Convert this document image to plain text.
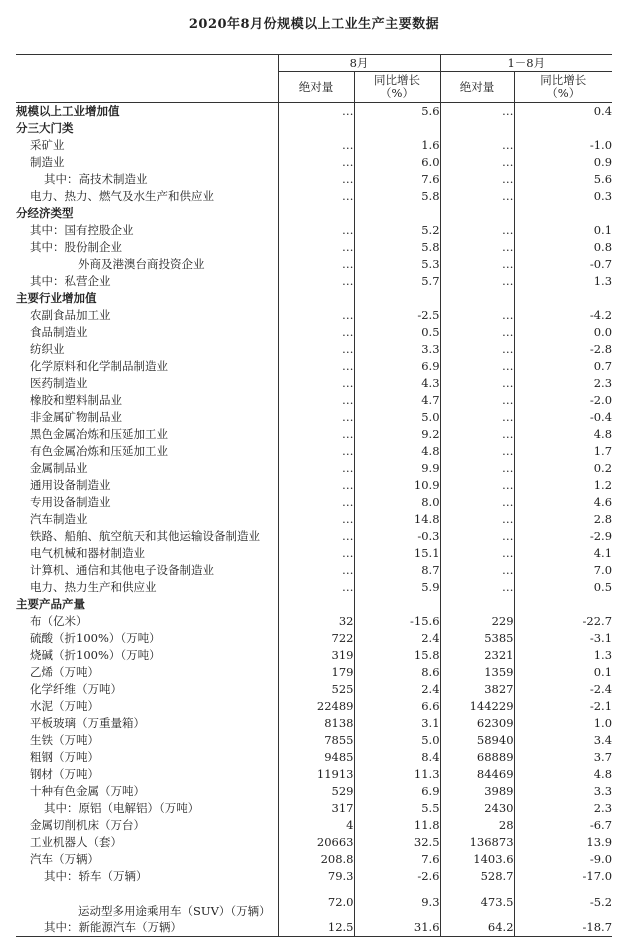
2020年8月份规模以上工业生产主要数据
	8月		1－8月	
	绝对量	同比增长（%）	绝对量	同比增长（%）
规模以上工业增加值	…	5.6	…	0.4
分三大门类				
采矿业	…	1.6	…	-1.0
制造业	…	6.0	…	0.9
其中：高技术制造业	…	7.6	…	5.6
电力、热力、燃气及水生产和供应业	…	5.8	…	0.3
分经济类型				
其中：国有控股企业	…	5.2	…	0.1
其中：股份制企业	…	5.8	…	0.8
外商及港澳台商投资企业	…	5.3	…	-0.7
其中：私营企业	…	5.7	…	1.3
主要行业增加值				
农副食品加工业	…	-2.5	…	-4.2
食品制造业	…	0.5	…	0.0
纺织业	…	3.3	…	-2.8
化学原料和化学制品制造业	…	6.9	…	0.7
医药制造业	…	4.3	…	2.3
橡胶和塑料制品业	…	4.7	…	-2.0
非金属矿物制品业	…	5.0	…	-0.4
黑色金属冶炼和压延加工业	…	9.2	…	4.8
有色金属冶炼和压延加工业	…	4.8	…	1.7
金属制品业	…	9.9	…	0.2
通用设备制造业	…	10.9	…	1.2
专用设备制造业	…	8.0	…	4.6
汽车制造业	…	14.8	…	2.8
铁路、船舶、航空航天和其他运输设备制造业	…	-0.3	…	-2.9
电气机械和器材制造业	…	15.1	…	4.1
计算机、通信和其他电子设备制造业	…	8.7	…	7.0
电力、热力生产和供应业	…	5.9	…	0.5
主要产品产量				
布（亿米）	32	-15.6	229	-22.7
硫酸（折100%）（万吨）	722	2.4	5385	-3.1
烧碱（折100%）（万吨）	319	15.8	2321	1.3
乙烯（万吨）	179	8.6	1359	0.1
化学纤维（万吨）	525	2.4	3827	-2.4
水泥（万吨）	22489	6.6	144229	-2.1
平板玻璃（万重量箱）	8138	3.1	62309	1.0
生铁（万吨）	7855	5.0	58940	3.4
粗钢（万吨）	9485	8.4	68889	3.7
钢材（万吨）	11913	11.3	84469	4.8
十种有色金属（万吨）	529	6.9	3989	3.3
其中：原铝（电解铝）（万吨）	317	5.5	2430	2.3
金属切削机床（万台）	4	11.8	28	-6.7
工业机器人（套）	20663	32.5	136873	13.9
汽车（万辆）	208.8	7.6	1403.6	-9.0
其中：轿车（万辆）	79.3	-2.6	528.7	-17.0

运动型多用途乘用车（SUV）（万辆）	72.0	9.3	473.5	-5.2
其中：新能源汽车（万辆）	12.5	31.6	64.2	-18.7
